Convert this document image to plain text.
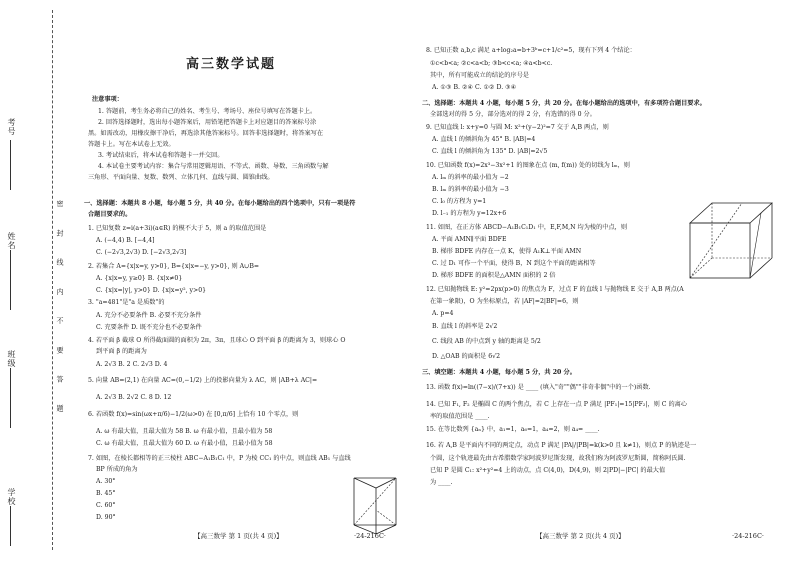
考号
姓名
班级
学校
密 封 线 内 不 要 答 题
高三数学试题
注意事项：
1. 答题前，考生务必将自己的姓名、考生号、考场号、座位号填写在答题卡上。
2. 回答选择题时，选出每小题答案后，用铅笔把答题卡上对应题目的答案标号涂
黑。如需改动，用橡皮擦干净后，再选涂其他答案标号。回答非选择题时，将答案写在
答题卡上。写在本试卷上无效。
3. 考试结束后，将本试卷和答题卡一并交回。
4. 本试卷主要考试内容：集合与常用逻辑用语、不等式、函数、导数、三角函数与解
三角形、平面向量、复数、数列、立体几何、直线与圆、圆锥曲线。
一、选择题：本题共 8 小题，每小题 5 分，共 40 分。在每小题给出的四个选项中，只有一项是符
合题目要求的。
1. 已知复数 z=i(a+3i)(a∈R) 的模不大于 5，则 a 的取值范围是
A. (−4,4) B. [−4,4]
C. (−2√3,2√3) D. [−2√3,2√3]
2. 若集合 A={x|x=y, y>0}, B={x|x=−y, y>0}, 则 A∪B=
A. {x|x=y, y≥0} B. {x|x≠0}
C. {x|x=|y|, y>0} D. {x|x=y², y>0}
3. "a=481"是"a 是质数"的
A. 充分不必要条件 B. 必要不充分条件
C. 充要条件 D. 既不充分也不必要条件
4. 若平面 β 截球 O 所得截面圆的面积为 2π，3π，且球心 O 到平面 β 的距离为 3，则球心 O
到平面 β 的距离为
A. 2√3 B. 2 C. 2√3 D. 4
5. 向量 AB=(2,1) 在向量 AC=(0,−1/2) 上的投影向量为 λ AC，则 |AB+λ AC|=
A. 2√3 B. 2√2 C. 8 D. 12
6. 若函数 f(x)=sin(ωx+π/6)−1/2(ω>0) 在 [0,π/6] 上恰有 10 个零点，则
A. ω 有最大值，且最大值为 58 B. ω 有最小值，且最小值为 58
C. ω 有最大值，且最大值为 60 D. ω 有最小值，且最小值为 58
7. 如图，在棱长都相等的正三棱柱 ABC−A₁B₁C₁ 中，P 为棱 CC₁ 的中点，则直线 AB₁ 与直线
BP 所成的角为
A. 30°
B. 45°
C. 60°
D. 90°
【高三数学 第 1 页(共 4 页)】	·24-216C·
8. 已知正数 a,b,c 满足 a+log₂a=b+3ᵇ=c+1/c²=5，现有下列 4 个结论：
①c<b<a; ②c<a<b; ③b<c<a; ④a<b<c.
其中，所有可能成立的结论的序号是
A. ①③ B. ②④ C. ①② D. ③④
二、选择题：本题共 4 小题，每小题 5 分，共 20 分。在每小题给出的选项中，有多项符合题目要求。
全部选对的得 5 分，部分选对的得 2 分，有选错的得 0 分。
9. 已知直线 l: x+y=0 与圆 M: x²+(y−2)²=7 交于 A,B 两点，则
A. 直线 l 的倾斜角为 45° B. |AB|=4
C. 直线 l 的倾斜角为 135° D. |AB|=2√5
10. 已知函数 f(x)=2x³−3x²+1 的图象在点 (m, f(m)) 处的切线为 lₘ，则
A. lₘ 的斜率的最小值为 −2
B. lₘ 的斜率的最小值为 −3
C. l₀ 的方程为 y=1
D. l₋₁ 的方程为 y=12x+6
11. 如图，在正方体 ABCD−A₁B₁C₁D₁ 中，E,F,M,N 均为棱的中点，则
A. 平面 AMN∥平面 BDFE
B. 梯形 BDFE 内存在一点 K，使得 A₁K⊥平面 AMN
C. 过 D₁ 可作一个平面，使得 B，N 到这个平面的距离相等
D. 梯形 BDFE 的面积是△AMN 面积的 2 倍
12. 已知抛物线 E: y²=2px(p>0) 的焦点为 F，过点 F 的直线 l 与抛物线 E 交于 A,B 两点(A
在第一象限)，O 为坐标原点，若 |AF|=2|BF|=6，则
A. p=4
B. 直线 l 的斜率是 2√2
C. 线段 AB 的中点到 y 轴的距离是 5/2
D. △OAB 的面积是 6√2
三、填空题：本题共 4 小题，每小题 5 分，共 20 分。
13. 函数 f(x)=ln((7−x)/(7+x)) 是 ____ (填入"奇""偶""非奇非偶"中的一个)函数.
14. 已知 F₁, F₂ 是椭圆 C 的两个焦点，若 C 上存在一点 P 满足 |PF₁|=15|PF₂|，则 C 的离心
率的取值范围是 ____.
15. 在等比数列 {aₙ} 中，a₁=1，a₆=1，a₄=2，则 a₄= ____.
16. 若 A,B 是平面内不同的两定点，动点 P 满足 |PA|/|PB|=k(k>0 且 k≠1)，则点 P 的轨迹是一
个圆，这个轨迹最先由古希腊数学家阿波罗尼斯发现，故我们称为阿波罗尼斯圆，简称阿氏圆.
已知 P 是圆 C₁: x²+y²=4 上的动点，点 C(4,0)，D(4,9)，则 2|PD|−|PC| 的最大值
为 ____.
【高三数学 第 2 页(共 4 页)】	·24-216C·
